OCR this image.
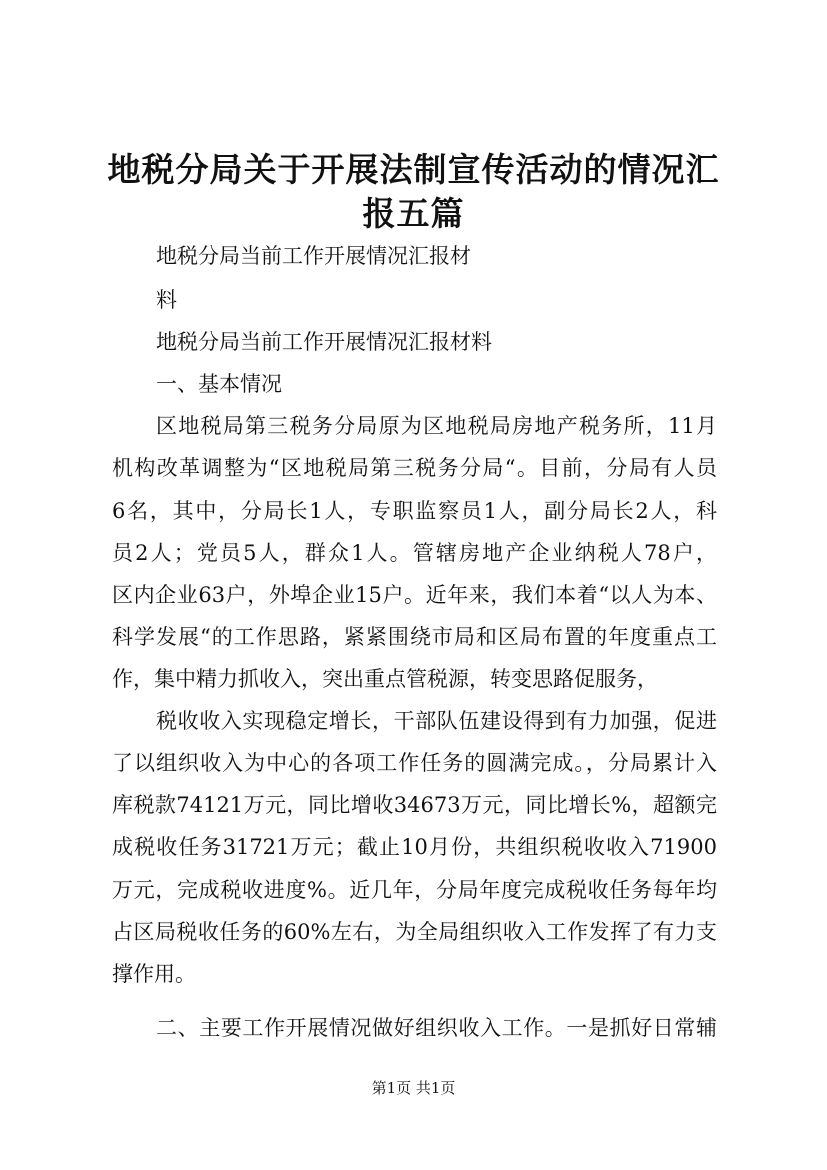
地税分局关于开展法制宣传活动的情况汇报五篇
地税分局当前工作开展情况汇报材
料
地税分局当前工作开展情况汇报材料
一、基本情况
区地税局第三税务分局原为区地税局房地产税务所，11月
机构改革调整为“区地税局第三税务分局“。目前，分局有人员
6名，其中，分局长1人，专职监察员1人，副分局长2人，科
员2人；党员5人，群众1人。管辖房地产企业纳税人78户，
区内企业63户，外埠企业15户。近年来，我们本着“以人为本、
科学发展“的工作思路，紧紧围绕市局和区局布置的年度重点工
作，集中精力抓收入，突出重点管税源，转变思路促服务，
税收收入实现稳定增长，干部队伍建设得到有力加强，促进
了以组织收入为中心的各项工作任务的圆满完成。，分局累计入
库税款74121万元，同比增收34673万元，同比增长%，超额完
成税收任务31721万元；截止10月份，共组织税收收入71900
万元，完成税收进度%。近几年，分局年度完成税收任务每年均
占区局税收任务的60%左右，为全局组织收入工作发挥了有力支
撑作用。
二、主要工作开展情况做好组织收入工作。一是抓好日常辅
第1页 共1页
